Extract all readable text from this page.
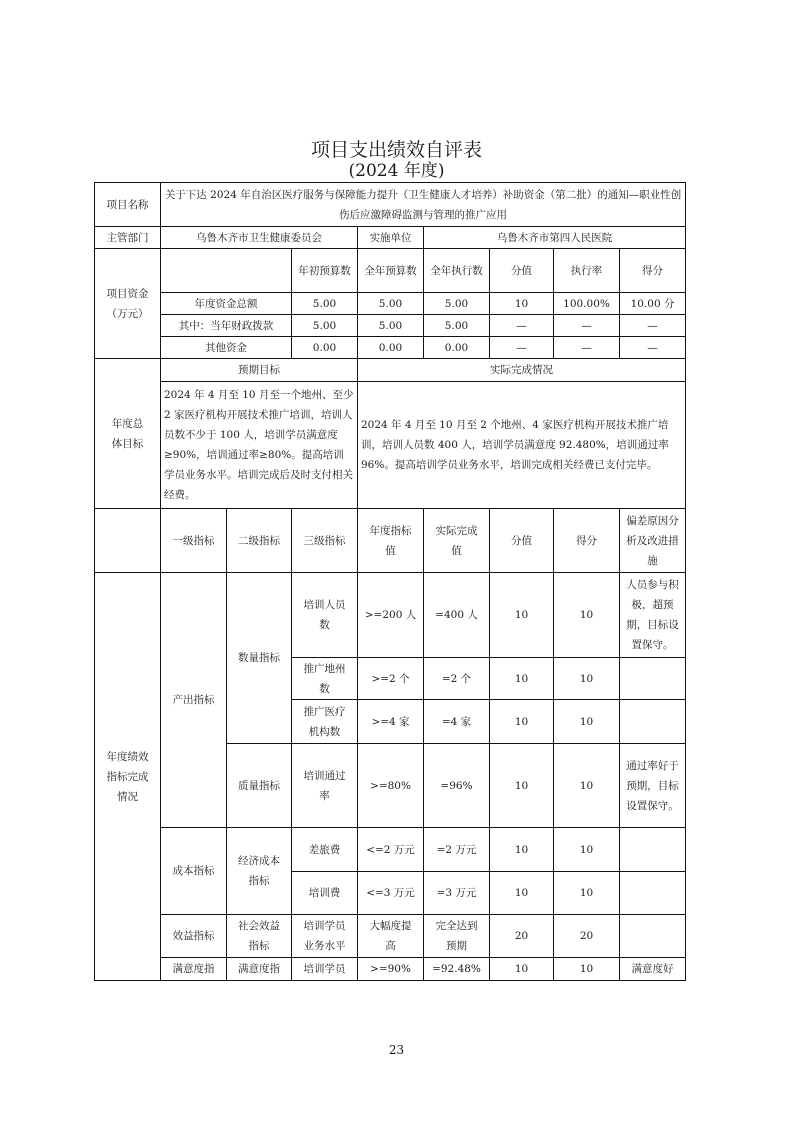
项目支出绩效自评表
(2024 年度)
项目名称	关于下达 2024 年自治区医疗服务与保障能力提升（卫生健康人才培养）补助资金（第二批）的通知—职业性创伤后应激障碍监测与管理的推广应用							
主管部门	乌鲁木齐市卫生健康委员会			实施单位	乌鲁木齐市第四人民医院			

项目资金
（万元）			年初预算数	全年预算数	全年执行数	分值	执行率	得分
	年度资金总额		5.00	5.00	5.00	10	100.00%	10.00 分
	其中：当年财政拨款		5.00	5.00	5.00	—	—	—
	其他资金		0.00	0.00	0.00	—	—	—
年度总体目标	预期目标			实际完成情况				
	2024 年 4 月至 10 月至一个地州、至少 2 家医疗机构开展技术推广培训，培训人员数不少于 100 人，培训学员满意度≥90%，培训通过率≥80%。提高培训学员业务水平。培训完成后及时支付相关经费。			2024 年 4 月至 10 月至 2 个地州、4 家医疗机构开展技术推广培训，培训人员数 400 人，培训学员满意度 92.480%，培训通过率 96%。提高培训学员业务水平，培训完成相关经费已支付完毕。				
	一级指标	二级指标	三级指标	年度指标值	实际完成值	分值	得分	偏差原因分析及改进措施
年度绩效指标完成情况	产出指标	数量指标	培训人员数	>=200 人	=400 人	10	10	人员参与积极，超预期，目标设置保守。
			推广地州数	>=2 个	=2 个	10	10	
			推广医疗机构数	>=4 家	=4 家	10	10	
		质量指标	培训通过率	>=80%	=96%	10	10	通过率好于预期，目标设置保守。
	成本指标	经济成本指标	差旅费	<=2 万元	=2 万元	10	10	
			培训费	<=3 万元	=3 万元	10	10	
	效益指标	社会效益指标	培训学员业务水平	大幅度提高	完全达到预期	20	20	
	满意度指	满意度指	培训学员	>=90%	=92.48%	10	10	满意度好
23
